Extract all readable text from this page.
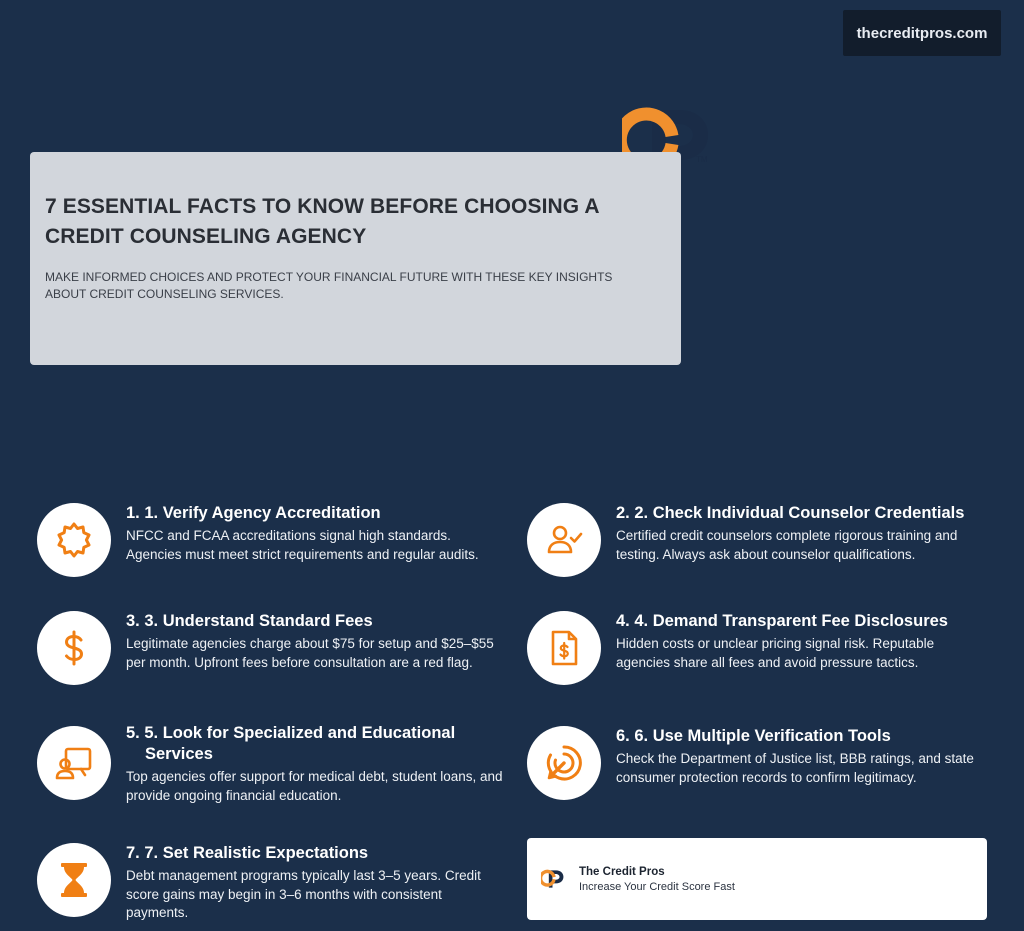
thecreditpros.com
TM
7 ESSENTIAL FACTS TO KNOW BEFORE CHOOSING A CREDIT COUNSELING AGENCY

MAKE INFORMED CHOICES AND PROTECT YOUR FINANCIAL FUTURE WITH THESE KEY INSIGHTS ABOUT CREDIT COUNSELING SERVICES.

1. 1. Verify Agency Accreditation

NFCC and FCAA accreditations signal high standards. Agencies must meet strict requirements and regular audits.

2. 2. Check Individual Counselor Credentials

Certified credit counselors complete rigorous training and testing. Always ask about counselor qualifications.

3. 3. Understand Standard Fees

Legitimate agencies charge about $75 for setup and $25–$55 per month. Upfront fees before consultation are a red flag.

4. 4. Demand Transparent Fee Disclosures

Hidden costs or unclear pricing signal risk. Reputable agencies share all fees and avoid pressure tactics.

5. 5. Look for Specialized and Educational
Services

Top agencies offer support for medical debt, student loans, and provide ongoing financial education.

6. 6. Use Multiple Verification Tools

Check the Department of Justice list, BBB ratings, and state consumer protection records to confirm legitimacy.

7. 7. Set Realistic Expectations

Debt management programs typically last 3–5 years. Credit score gains may begin in 3–6 months with consistent payments.

The Credit Pros
Increase Your Credit Score Fast
